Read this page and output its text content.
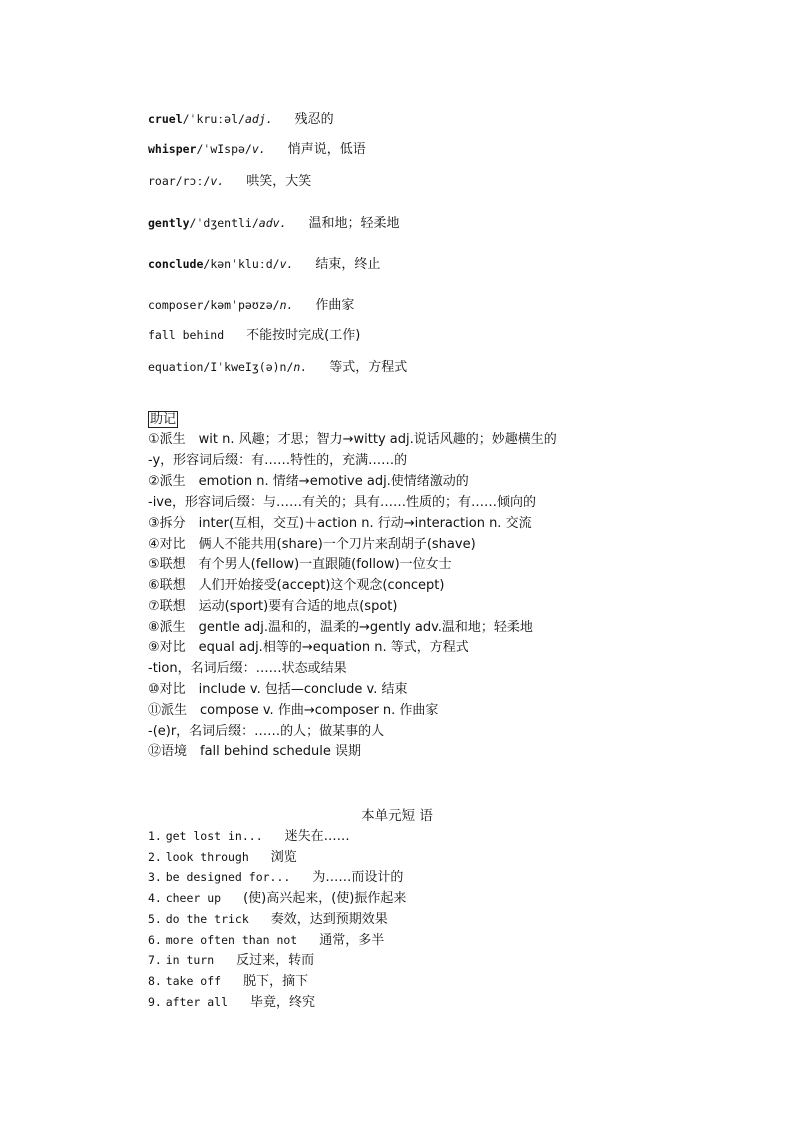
cruel/ˈkruːəl/adj. 残忍的
whisper/ˈwIspə/v. 悄声说，低语
roar/rɔː/v. 哄笑，大笑
gently/ˈdʒentli/adv. 温和地；轻柔地
conclude/kənˈkluːd/v. 结束，终止
composer/kəmˈpəʊzə/n. 作曲家
fall behind 不能按时完成(工作)
equation/IˈkweIʒ(ə)n/n. 等式，方程式
助记
①派生　wit n. 风趣；才思；智力→witty adj.说话风趣的；妙趣横生的
-y，形容词后缀：有……特性的，充满……的
②派生　emotion n. 情绪→emotive adj.使情绪激动的
-ive，形容词后缀：与……有关的；具有……性质的；有……倾向的
③拆分　inter(互相，交互)＋action n. 行动→interaction n. 交流
④对比　俩人不能共用(share)一个刀片来刮胡子(shave)
⑤联想　有个男人(fellow)一直跟随(follow)一位女士
⑥联想　人们开始接受(accept)这个观念(concept)
⑦联想　运动(sport)要有合适的地点(spot)
⑧派生　gentle adj.温和的，温柔的→gently adv.温和地；轻柔地
⑨对比　equal adj.相等的→equation n. 等式，方程式
-tion，名词后缀：……状态或结果
⑩对比　include v. 包括—conclude v. 结束
⑪派生　compose v. 作曲→composer n. 作曲家
-(e)r，名词后缀：……的人；做某事的人
⑫语境　fall behind schedule 误期
本单元短 语
1. get lost in... 迷失在……
2. look through 浏览
3. be designed for... 为……而设计的
4. cheer up (使)高兴起来，(使)振作起来
5. do the trick 奏效，达到预期效果
6. more often than not 通常，多半
7. in turn 反过来，转而
8. take off 脱下，摘下
9. after all 毕竟，终究
